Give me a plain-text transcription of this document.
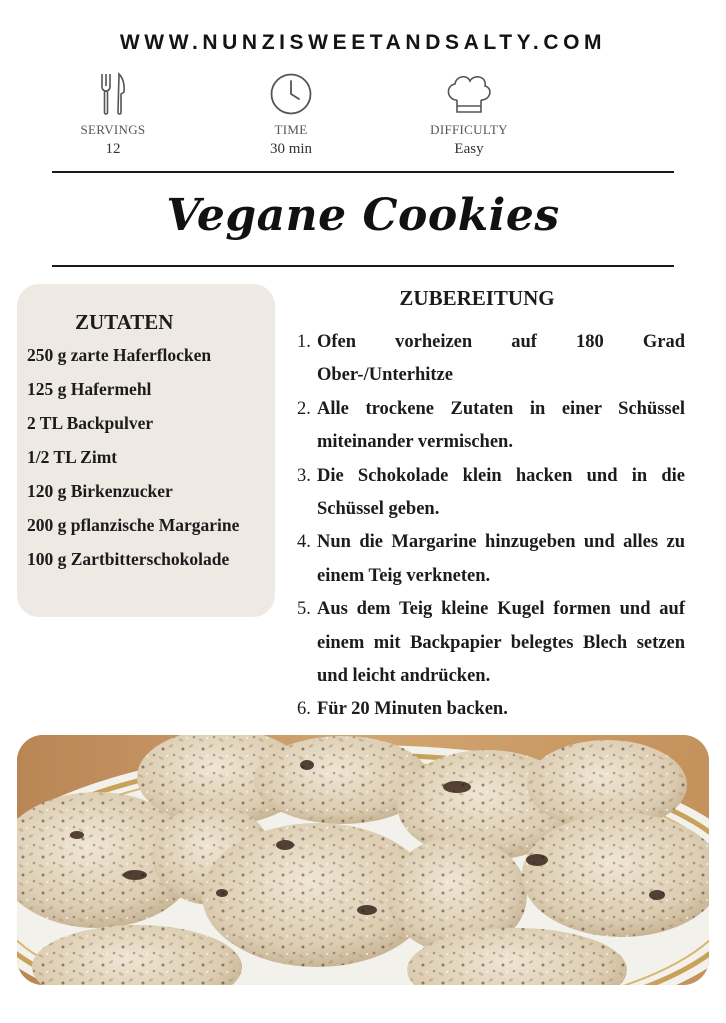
WWW.NUNZISWEETANDSALTY.COM
SERVINGS
12
TIME
30 min
DIFFICULTY
Easy
Vegane Cookies
ZUTATEN
250 g zarte Haferflocken
125 g Hafermehl
2 TL Backpulver
1/2 TL Zimt
120 g Birkenzucker
200 g pflanzische Margarine
100 g Zartbitterschokolade
ZUBEREITUNG
1. Ofen vorheizen auf 180 Grad Ober-/Unterhitze
2. Alle trockene Zutaten in einer Schüssel miteinander vermischen.
3. Die Schokolade klein hacken und in die Schüssel geben.
4. Nun die Margarine hinzugeben und alles zu einem Teig verkneten.
5. Aus dem Teig kleine Kugel formen und auf einem mit Backpapier belegtes Blech setzen und leicht andrücken.
6. Für 20 Minuten backen.
